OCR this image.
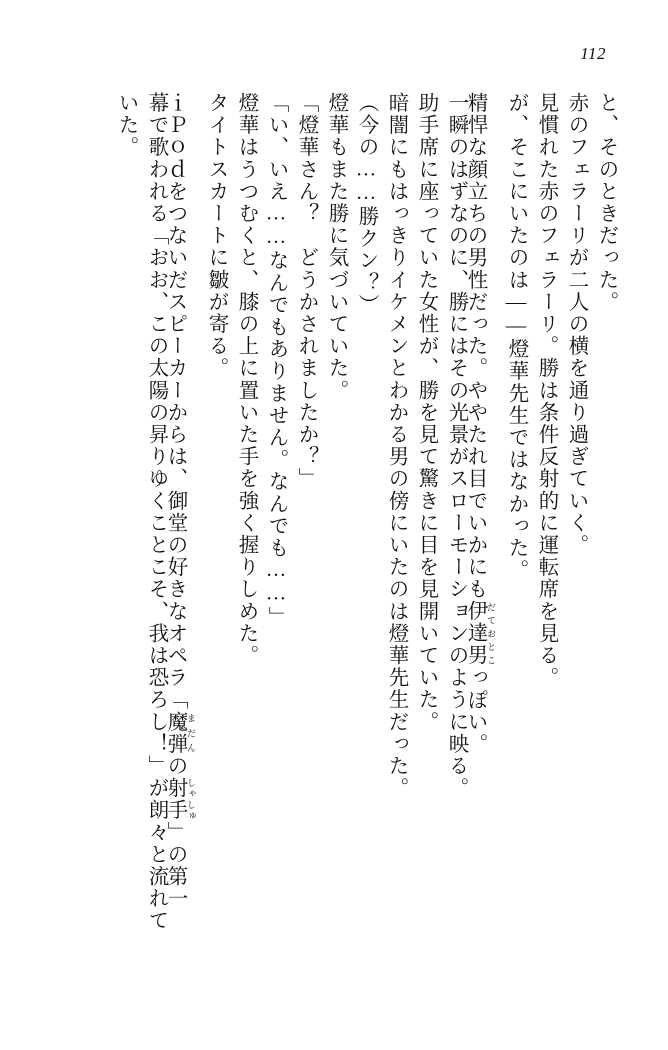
112
と、そのときだった。
赤のフェラーリが二人の横を通り過ぎていく。
見慣れた赤のフェラーリ。勝は条件反射的に運転席を見る。
が、そこにいたのは――燈華先生ではなかった。
精悍な顔立ちの男性だった。ややたれ目でいかにも伊達男 だておとこっぽい。
一瞬のはずなのに、勝にはその光景がスローモーションのように映る。
助手席に座っていた女性が、勝を見て驚きに目を見開いていた。
暗闇にもはっきりイケメンとわかる男の傍にいたのは燈華先生だった。
（今の……勝クン？）
燈華もまた勝に気づいていた。
「燈華さん？　どうかされましたか？」
「い、いえ……なんでもありません。なんでも……」
燈華はうつむくと、膝の上に置いた手を強く握りしめた。
タイトスカートに皺が寄る。
ｉＰｏｄをつないだスピーカーからは、御堂の好きなオペラ「魔弾 まだんの射手 しゃしゅ」の第一
幕で歌われる「おお、この太陽の昇りゆくことこそ、我は恐ろし！」が朗々と流れて
いた。
